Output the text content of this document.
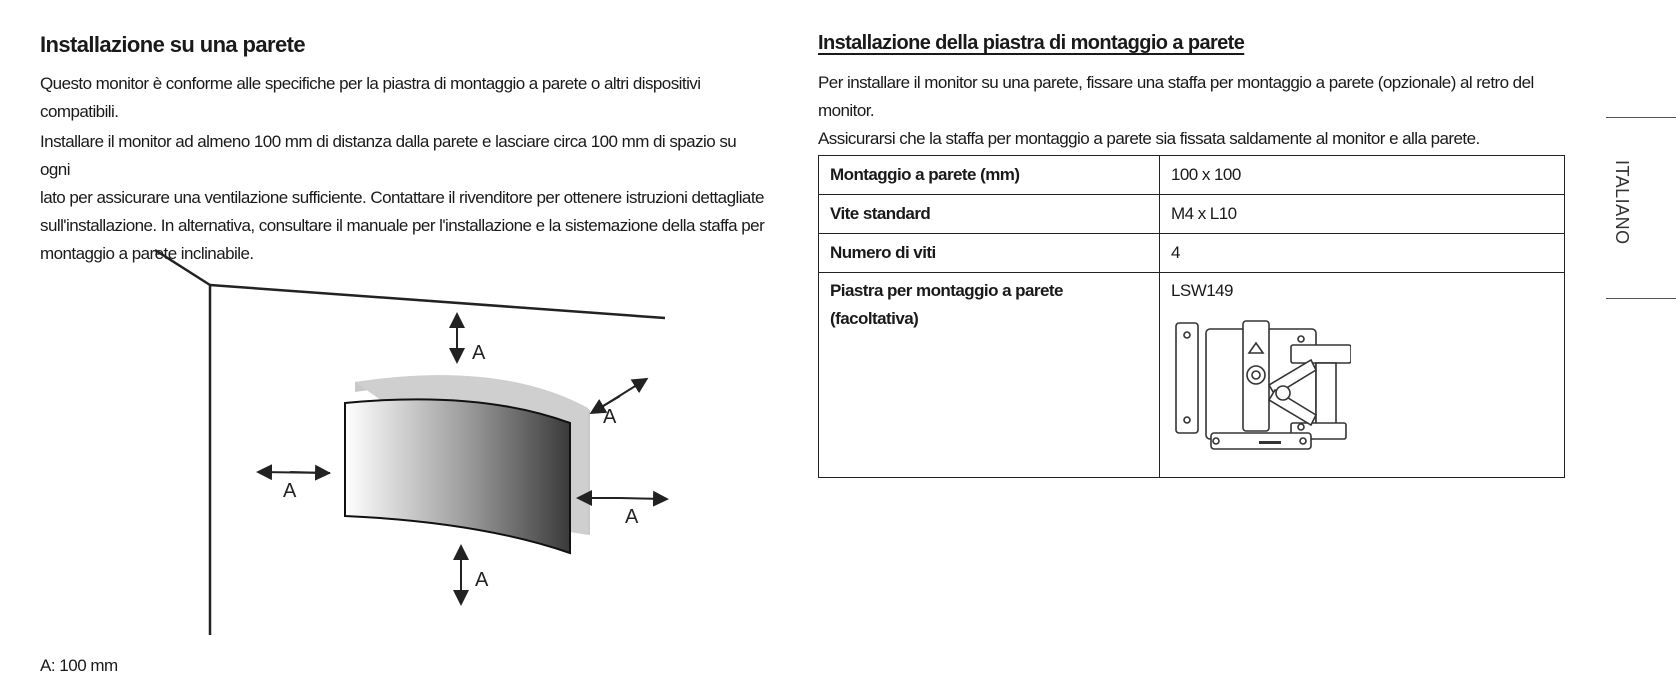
Installazione su una parete

Questo monitor è conforme alle specifiche per la piastra di montaggio a parete o altri dispositivi compatibili.

Installare il monitor ad almeno 100 mm di distanza dalla parete e lasciare circa 100 mm di spazio su ogni
lato per assicurare una ventilazione sufficiente. Contattare il rivenditore per ottenere istruzioni dettagliate
sull'installazione. In alternativa, consultare il manuale per l'installazione e la sistemazione della staffa per
montaggio a parete inclinabile.
A
A
A
A
A
A: 100 mm
Installazione della piastra di montaggio a parete

Per installare il monitor su una parete, fissare una staffa per montaggio a parete (opzionale) al retro del monitor.

Assicurarsi che la staffa per montaggio a parete sia fissata saldamente al monitor e alla parete.

Montaggio a parete (mm)	100 x 100
Vite standard	M4 x L10
Numero di viti	4

Piastra per montaggio a parete
(facoltativa)	LSW149
ITALIANO
